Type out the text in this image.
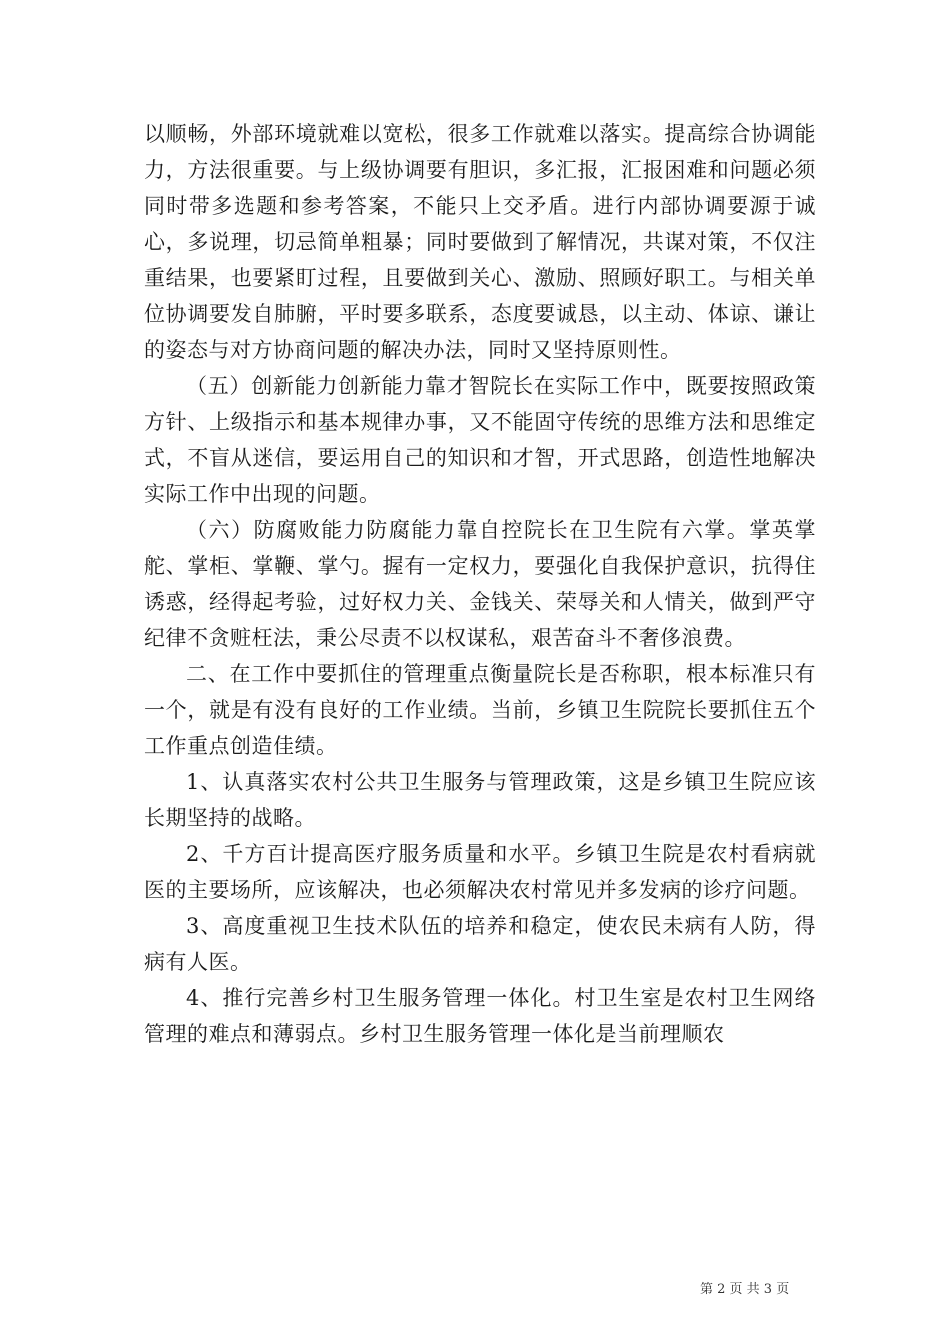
以顺畅，外部环境就难以宽松，很多工作就难以落实。提高综合协调能力，方法很重要。与上级协调要有胆识，多汇报，汇报困难和问题必须同时带多选题和参考答案，不能只上交矛盾。进行内部协调要源于诚心，多说理，切忌简单粗暴；同时要做到了解情况，共谋对策，不仅注重结果，也要紧盯过程，且要做到关心、激励、照顾好职工。与相关单位协调要发自肺腑，平时要多联系，态度要诚恳，以主动、体谅、谦让的姿态与对方协商问题的解决办法，同时又坚持原则性。

（五）创新能力创新能力靠才智院长在实际工作中，既要按照政策方针、上级指示和基本规律办事，又不能固守传统的思维方法和思维定式，不盲从迷信，要运用自己的知识和才智，开式思路，创造性地解决实际工作中出现的问题。

（六）防腐败能力防腐能力靠自控院长在卫生院有六掌。掌英掌舵、掌柜、掌鞭、掌勺。握有一定权力，要强化自我保护意识，抗得住诱惑，经得起考验，过好权力关、金钱关、荣辱关和人情关，做到严守纪律不贪赃枉法，秉公尽责不以权谋私，艰苦奋斗不奢侈浪费。

二、在工作中要抓住的管理重点衡量院长是否称职，根本标准只有一个，就是有没有良好的工作业绩。当前，乡镇卫生院院长要抓住五个工作重点创造佳绩。

1、认真落实农村公共卫生服务与管理政策，这是乡镇卫生院应该长期坚持的战略。

2、千方百计提高医疗服务质量和水平。乡镇卫生院是农村看病就医的主要场所，应该解决，也必须解决农村常见并多发病的诊疗问题。

3、高度重视卫生技术队伍的培养和稳定，使农民未病有人防，得病有人医。

4、推行完善乡村卫生服务管理一体化。村卫生室是农村卫生网络管理的难点和薄弱点。乡村卫生服务管理一体化是当前理顺农

第 2 页 共 3 页
